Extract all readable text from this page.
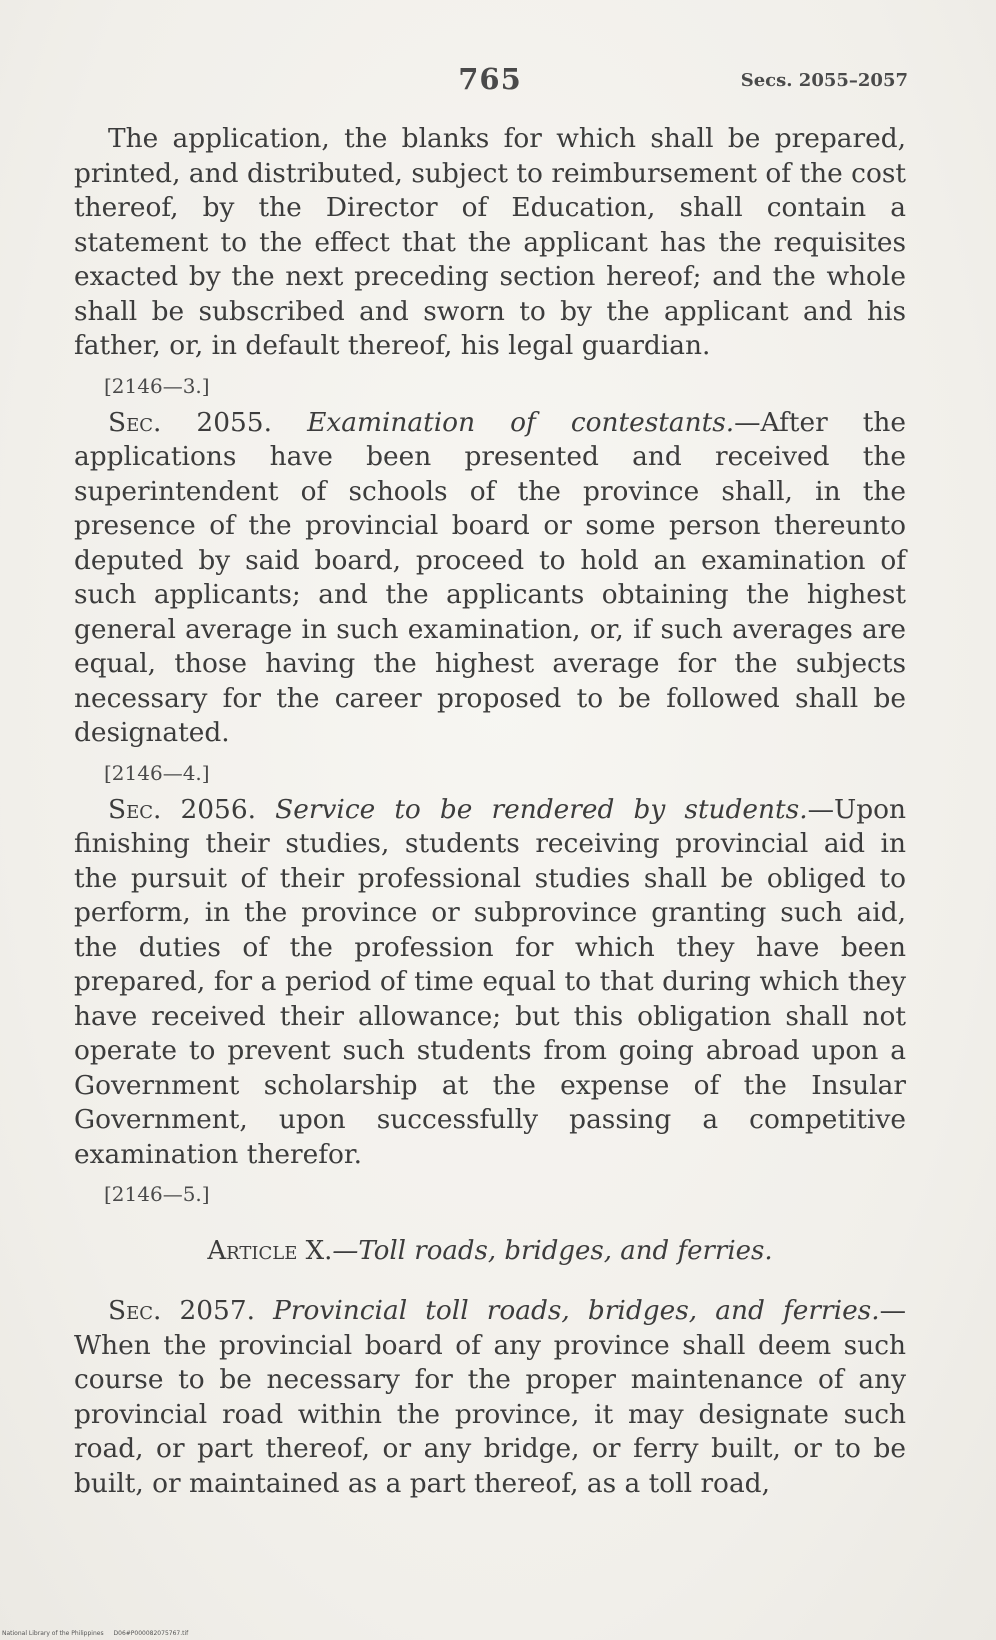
765	Secs. 2055–2057

The application, the blanks for which shall be prepared, printed, and distributed, subject to reimbursement of the cost thereof, by the Director of Education, shall contain a statement to the effect that the applicant has the requisites exacted by the next preceding section hereof; and the whole shall be subscribed and sworn to by the applicant and his father, or, in default thereof, his legal guardian.

[2146—3.]

Sec. 2055. Examination of contestants.—After the applications have been presented and received the superintendent of schools of the province shall, in the presence of the provincial board or some person thereunto deputed by said board, proceed to hold an examination of such applicants; and the applicants obtaining the highest general average in such examination, or, if such averages are equal, those having the highest average for the subjects necessary for the career proposed to be followed shall be designated.

[2146—4.]

Sec. 2056. Service to be rendered by students.—Upon finishing their studies, students receiving provincial aid in the pursuit of their professional studies shall be obliged to perform, in the province or subprovince granting such aid, the duties of the profession for which they have been prepared, for a period of time equal to that during which they have received their allowance; but this obligation shall not operate to prevent such students from going abroad upon a Government scholarship at the expense of the Insular Government, upon successfully passing a competitive examination therefor.

[2146—5.]
Article X.—Toll roads, bridges, and ferries.

Sec. 2057. Provincial toll roads, bridges, and ferries.— When the provincial board of any province shall deem such course to be necessary for the proper maintenance of any provincial road within the province, it may designate such road, or part thereof, or any bridge, or ferry built, or to be built, or maintained as a part thereof, as a toll road,

National Library of the Philippines D06#P000082075767.tif
